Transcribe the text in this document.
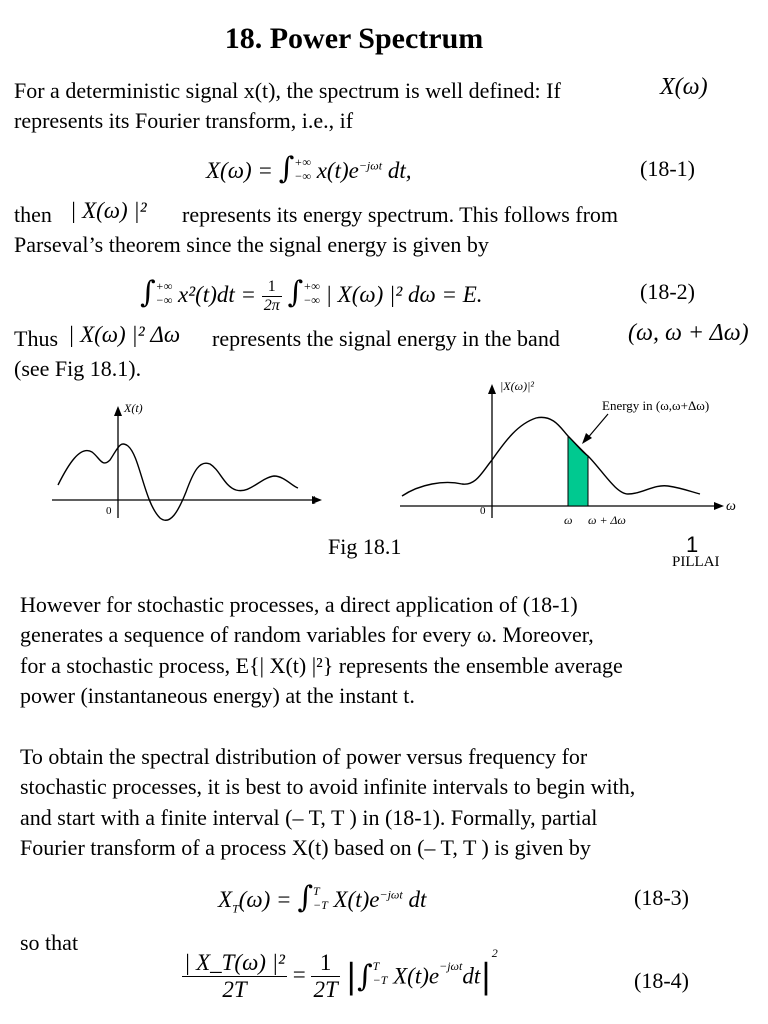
18. Power Spectrum
For a deterministic signal x(t), the spectrum is well defined: If	X(ω)
represents its Fourier transform, i.e., if
X(ω) = ∫ +∞
−∞ $x(t)e^{-j\omega t}$ dt,	(18-1)
then | X(ω) |² represents its energy spectrum. This follows from
Parseval’s theorem since the signal energy is given by
∫ +∞
−∞ $x^2(t)dt = \frac{1}{2\pi}$ ∫ +∞
−∞ | X(ω) |² dω = E.	(18-2)
Thus | X(ω) |² Δω represents the signal energy in the band	(ω, ω + Δω)
(see Fig 18.1).
X(t)
t
0
|X(ω)|²
Energy in (ω,ω+Δω)
0	ω
ω ω + Δω
Fig 18.1	1
PILLAI
However for stochastic processes, a direct application of (18-1)
generates a sequence of random variables for every ω. Moreover,
for a stochastic process, E{| X(t) |²} represents the ensemble average
power (instantaneous energy) at the instant t.
To obtain the spectral distribution of power versus frequency for
stochastic processes, it is best to avoid infinite intervals to begin with,
and start with a finite interval (– T, T ) in (18-1). Formally, partial
Fourier transform of a process X(t) based on (– T, T ) is given by
$X_T(\omega)$ = ∫ T
−T $X(t)e^{-j\omega t}$ dt	(18-3)
so that
$\frac{\text{| X\_T(ω) |²}}{2T} = \frac{1}{2T}$ |∫ T
−T $X(t)e^{-j\omega t}dt|^2$
(18-4)
